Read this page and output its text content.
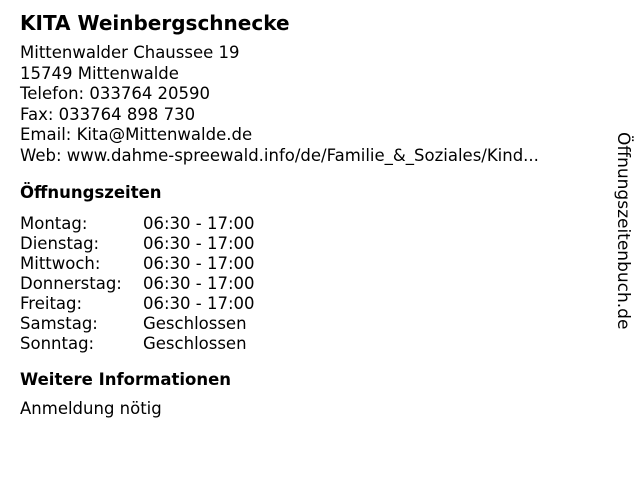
KITA Weinbergschnecke
Mittenwalder Chaussee 19
15749 Mittenwalde
Telefon: 033764 20590
Fax: 033764 898 730
Email: Kita@Mittenwalde.de
Web: www.dahme-spreewald.info/de/Familie_&_Soziales/Kind...
Öffnungszeiten
Montag:	06:30 - 17:00
Dienstag:	06:30 - 17:00
Mittwoch:	06:30 - 17:00
Donnerstag:	06:30 - 17:00
Freitag:	06:30 - 17:00
Samstag:	Geschlossen
Sonntag:	Geschlossen
Weitere Informationen
Anmeldung nötig
Öffnungszeitenbuch.de
